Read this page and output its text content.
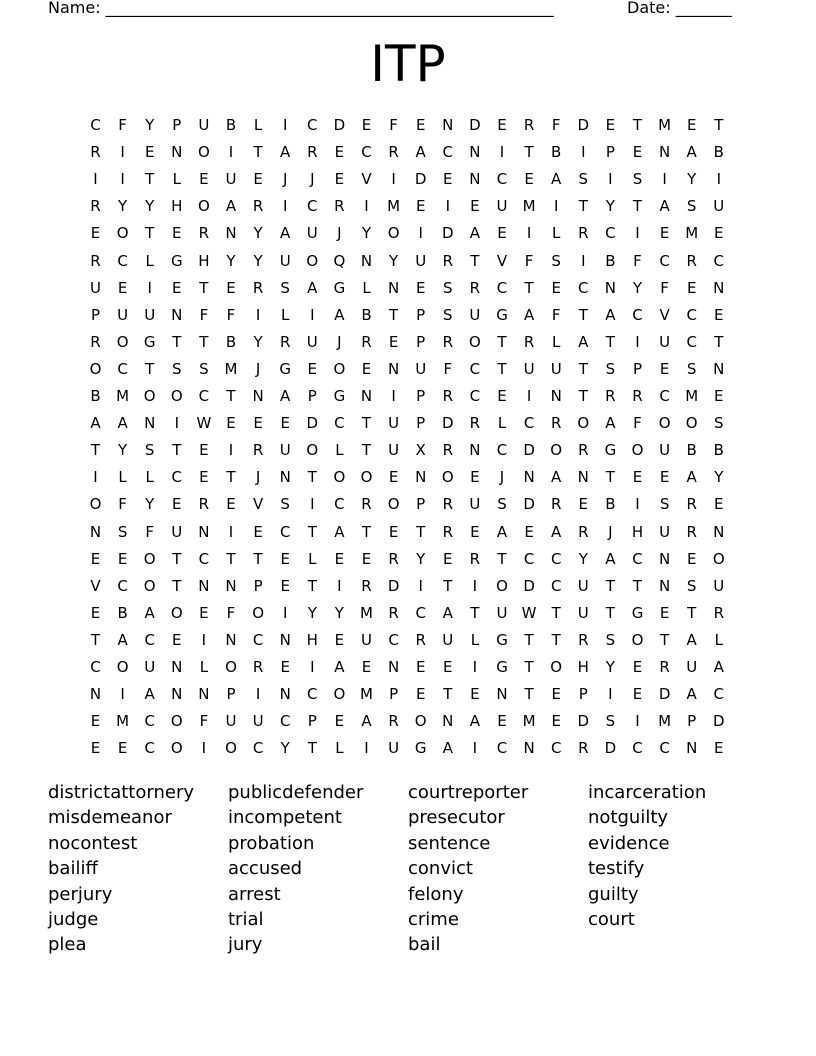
Name: ________________________________________________________	Date: _______
ITP
C	F	Y	P	U	B	L	I	C	D	E	F	E	N	D	E	R	F	D	E	T	M	E	T
R	I	E	N	O	I	T	A	R	E	C	R	A	C	N	I	T	B	I	P	E	N	A	B
I	I	T	L	E	U	E	J	J	E	V	I	D	E	N	C	E	A	S	I	S	I	Y	I
R	Y	Y	H	O	A	R	I	C	R	I	M	E	I	E	U	M	I	T	Y	T	A	S	U
E	O	T	E	R	N	Y	A	U	J	Y	O	I	D	A	E	I	L	R	C	I	E	M	E
R	C	L	G	H	Y	Y	U	O	Q	N	Y	U	R	T	V	F	S	I	B	F	C	R	C
U	E	I	E	T	E	R	S	A	G	L	N	E	S	R	C	T	E	C	N	Y	F	E	N
P	U	U	N	F	F	I	L	I	A	B	T	P	S	U	G	A	F	T	A	C	V	C	E
R	O	G	T	T	B	Y	R	U	J	R	E	P	R	O	T	R	L	A	T	I	U	C	T
O	C	T	S	S	M	J	G	E	O	E	N	U	F	C	T	U	U	T	S	P	E	S	N
B	M O	O	C	T	N	A	P	G	N	I	P	R	C	E	I	N	T	R	R	C	M	E
A	A	N	I	W E	E	E	D	C	T	U	P	D	R	L	C	R	O	A	F	O	O	S
T	Y	S	T	E	I	R	U	O	L	T	U	X	R	N	C	D	O	R	G	O	U	B	B
I	L	L	C	E	T	J	N	T	O	O	E	N	O	E	J	N	A	N	T	E	E	A	Y
O	F	Y	E	R	E	V	S	I	C	R	O	P	R	U	S	D	R	E	B	I	S	R	E
N	S	F	U	N	I	E	C	T	A	T	E	T	R	E	A	E	A	R	J	H	U	R	N
E	E	O	T	C	T	T	E	L	E	E	R	Y	E	R	T	C	C	Y	A	C	N	E	O
V	C	O	T	N	N	P	E	T	I	R	D	I	T	I	O	D	C	U	T	T	N	S	U
E	B	A	O	E	F	O	I	Y	Y	M	R	C	A	T	U W	T	U	T	G	E	T	R
T	A	C	E	I	N	C	N	H	E	U	C	R	U	L	G	T	T	R	S	O	T	A	L
C	O	U	N	L	O	R	E	I	A	E	N	E	E	I	G	T	O	H	Y	E	R	U	A
N	I	A	N	N	P	I	N	C	O M	P	E	T	E	N	T	E	P	I	E	D	A	C
E	M	C	O	F	U	U	C	P	E	A	R	O	N	A	E	M	E	D	S	I	M	P	D
E	E	C	O	I	O	C	Y	T	L	I	U	G	A	I	C	N	C	R	D	C	C	N	E
districtattornery
misdemeanor
nocontest
bailiff
perjury
judge
plea
publicdefender
incompetent
probation
accused
arrest
trial
jury
courtreporter
presecutor
sentence
convict
felony
crime
bail
incarceration
notguilty
evidence
testify
guilty
court
